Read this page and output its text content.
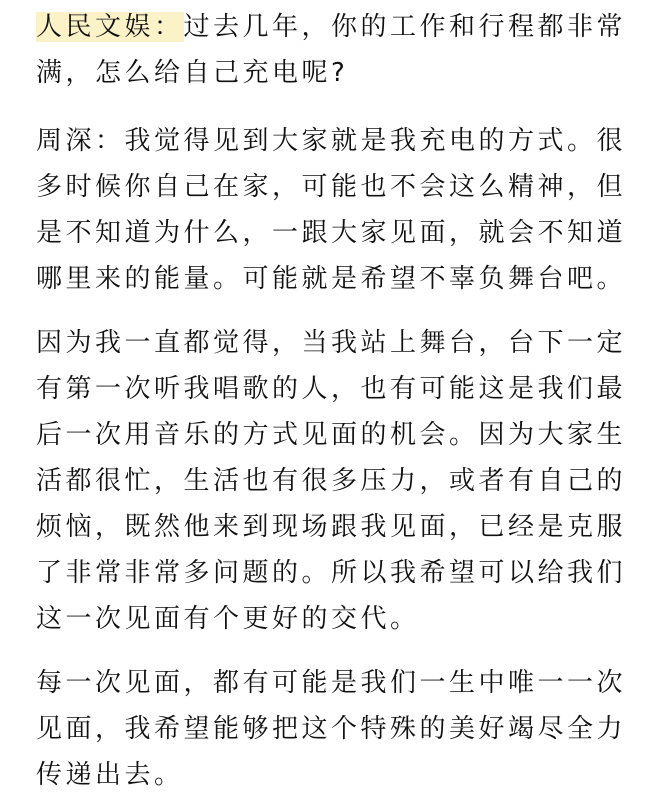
人民文娱：过去几年，你的工作和行程都非常满，怎么给自己充电呢?

周深：我觉得见到大家就是我充电的方式。很多时候你自己在家，可能也不会这么精神，但是不知道为什么，一跟大家见面，就会不知道哪里来的能量。可能就是希望不辜负舞台吧。

因为我一直都觉得，当我站上舞台，台下一定有第一次听我唱歌的人，也有可能这是我们最后一次用音乐的方式见面的机会。因为大家生活都很忙，生活也有很多压力，或者有自己的烦恼，既然他来到现场跟我见面，已经是克服了非常非常多问题的。所以我希望可以给我们这一次见面有个更好的交代。

每一次见面，都有可能是我们一生中唯一一次见面，我希望能够把这个特殊的美好竭尽全力传递出去。
